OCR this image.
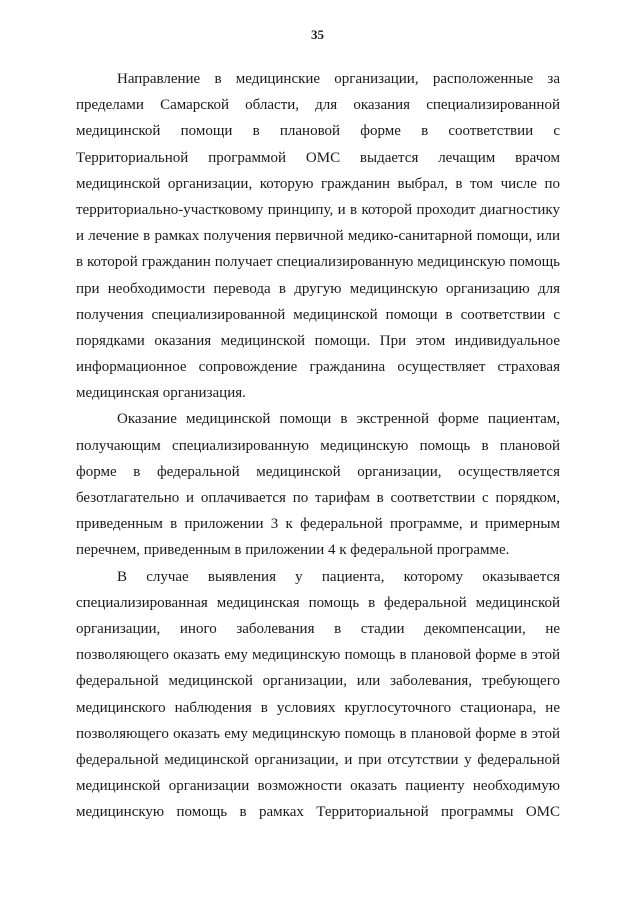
35
Направление в медицинские организации, расположенные за
пределами Самарской области, для оказания специализированной
медицинской помощи в плановой форме в соответствии с
Территориальной программой ОМС выдается лечащим врачом
медицинской организации, которую гражданин выбрал, в том числе по
территориально-участковому принципу, и в которой проходит диагностику
и лечение в рамках получения первичной медико-санитарной помощи, или
в которой гражданин получает специализированную медицинскую помощь
при необходимости перевода в другую медицинскую организацию для
получения специализированной медицинской помощи в соответствии с
порядками оказания медицинской помощи. При этом индивидуальное
информационное сопровождение гражданина осуществляет страховая
медицинская организация.
Оказание медицинской помощи в экстренной форме пациентам,
получающим специализированную медицинскую помощь в плановой
форме в федеральной медицинской организации, осуществляется
безотлагательно и оплачивается по тарифам в соответствии с порядком,
приведенным в приложении 3 к федеральной программе, и примерным
перечнем, приведенным в приложении 4 к федеральной программе.
В случае выявления у пациента, которому оказывается
специализированная медицинская помощь в федеральной медицинской
организации, иного заболевания в стадии декомпенсации, не
позволяющего оказать ему медицинскую помощь в плановой форме в этой
федеральной медицинской организации, или заболевания, требующего
медицинского наблюдения в условиях круглосуточного стационара, не
позволяющего оказать ему медицинскую помощь в плановой форме в этой
федеральной медицинской организации, и при отсутствии у федеральной
медицинской организации возможности оказать пациенту необходимую
медицинскую помощь в рамках Территориальной программы ОМС
